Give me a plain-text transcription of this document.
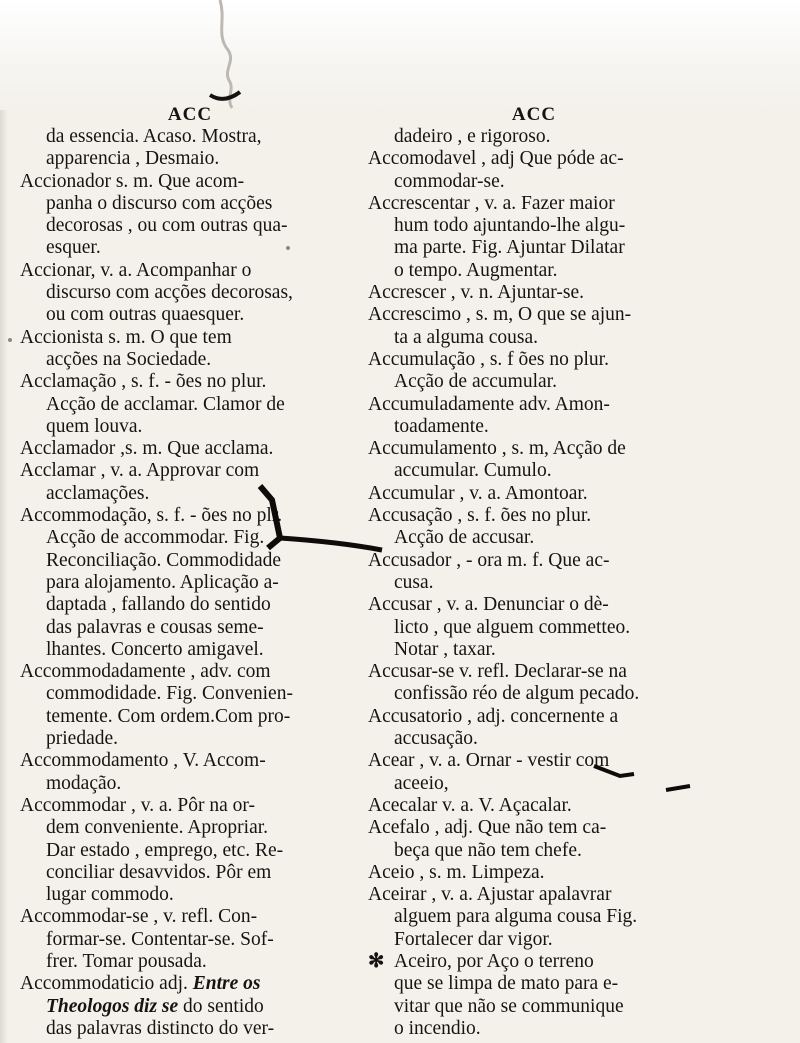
ACC

da essencia. Acaso. Mostra,

apparencia , Desmaio.

Accionador s. m. Que acom-

panha o discurso com acções

decorosas , ou com outras qua-

esquer.

Accionar, v. a. Acompanhar o

discurso com acções decorosas,

ou com outras quaesquer.

Accionista s. m. O que tem

acções na Sociedade.

Acclamação , s. f. - ões no plur.

Acção de acclamar. Clamor de

quem louva.

Acclamador ,s. m. Que acclama.

Acclamar , v. a. Approvar com

acclamações.

Accommodação, s. f. - ões no plr.

Acção de accommodar. Fig.

Reconciliação. Commodidade

para alojamento. Aplicação a-

daptada , fallando do sentido

das palavras e cousas seme-

lhantes. Concerto amigavel.

Accommodadamente , adv. com

commodidade. Fig. Convenien-

temente. Com ordem.Com pro-

priedade.

Accommodamento , V. Accom-

modação.

Accommodar , v. a. Pôr na or-

dem conveniente. Apropriar.

Dar estado , emprego, etc. Re-

conciliar desavvidos. Pôr em

lugar commodo.

Accommodar-se , v. refl. Con-

formar-se. Contentar-se. Sof-

frer. Tomar pousada.

Accommodaticio adj. Entre os

Theologos diz se do sentido

das palavras distincto do ver-

ACC

dadeiro , e rigoroso.

Accomodavel , adj Que póde ac-

commodar-se.

Accrescentar , v. a. Fazer maior

hum todo ajuntando-lhe algu-

ma parte. Fig. Ajuntar Dilatar

o tempo. Augmentar.

Accrescer , v. n. Ajuntar-se.

Accrescimo , s. m, O que se ajun-

ta a alguma cousa.

Accumulação , s. f ões no plur.

Acção de accumular.

Accumuladamente adv. Amon-

toadamente.

Accumulamento , s. m, Acção de

accumular. Cumulo.

Accumular , v. a. Amontoar.

Accusação , s. f. ões no plur.

Acção de accusar.

Accusador , - ora m. f. Que ac-

cusa.

Accusar , v. a. Denunciar o dè-

licto , que alguem commetteo.

Notar , taxar.

Accusar-se v. refl. Declarar-se na

confissão réo de algum pecado.

Accusatorio , adj. concernente a

accusação.

Acear , v. a. Ornar - vestir com

aceeio,

Acecalar v. a. V. Açacalar.

Acefalo , adj. Que não tem ca-

beça que não tem chefe.

Aceio , s. m. Limpeza.

Aceirar , v. a. Ajustar apalavrar

alguem para alguma cousa Fig.

Fortalecer dar vigor.

✻ Aceiro, por Aço o terreno

que se limpa de mato para e-

vitar que não se communique

o incendio.
